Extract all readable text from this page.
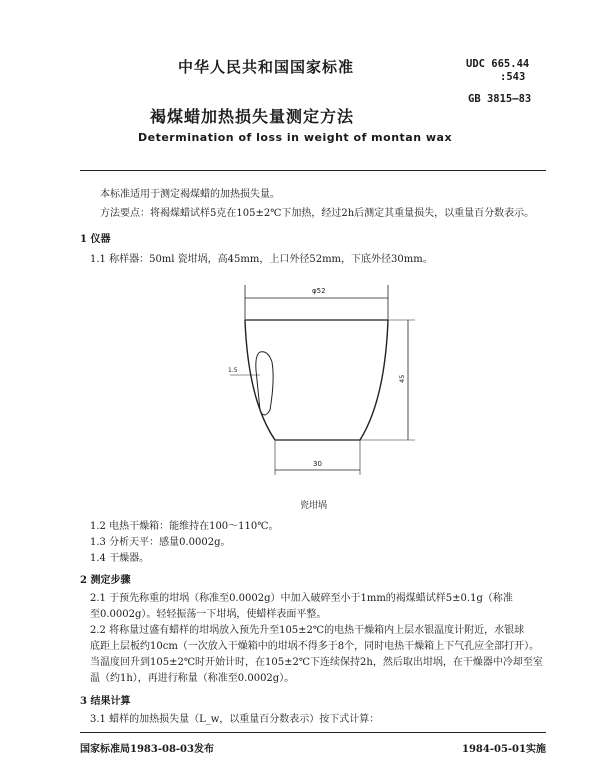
中华人民共和国国家标准	UDC 665.44
:543
GB 3815—83
褐煤蜡加热损失量测定方法
Determination of loss in weight of montan wax
本标准适用于测定褐煤蜡的加热损失量。
方法要点：将褐煤蜡试样5克在105±2℃下加热，经过2h后测定其重量损失，以重量百分数表示。
1 仪器
1.1 称样器：50ml 瓷坩埚，高45mm，上口外径52mm，下底外径30mm。
φ52
1.5
45
30
瓷坩埚
1.2 电热干燥箱：能维持在100～110℃。
1.3 分析天平：感量0.0002g。
1.4 干燥器。
2 测定步骤
2.1 于预先称重的坩埚（称准至0.0002g）中加入破碎至小于1mm的褐煤蜡试样5±0.1g（称准
至0.0002g）。轻轻振荡一下坩埚，使蜡样表面平整。
2.2 将称量过盛有蜡样的坩埚放入预先升至105±2℃的电热干燥箱内上层水银温度计附近，水银球
底距上层板约10cm（一次放入干燥箱中的坩埚不得多于8个，同时电热干燥箱上下气孔应全部打开）。
当温度回升到105±2℃时开始计时，在105±2℃下连续保持2h，然后取出坩埚，在干燥器中冷却至室
温（约1h），再进行称量（称准至0.0002g）。
3 结果计算
3.1 蜡样的加热损失量（L_w，以重量百分数表示）按下式计算：
国家标准局1983-08-03发布	1984-05-01实施
